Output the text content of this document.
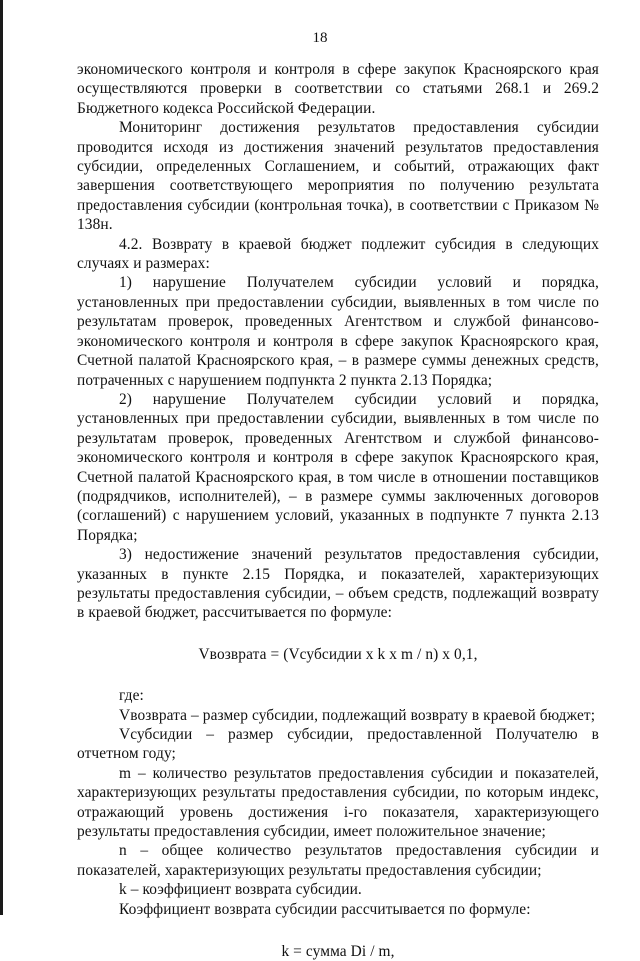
18

экономического контроля и контроля в сфере закупок Красноярского края осуществляются проверки в соответствии со статьями 268.1 и 269.2 Бюджетного кодекса Российской Федерации.

Мониторинг достижения результатов предоставления субсидии проводится исходя из достижения значений результатов предоставления субсидии, определенных Соглашением, и событий, отражающих факт завершения соответствующего мероприятия по получению результата предоставления субсидии (контрольная точка), в соответствии с Приказом № 138н.

4.2. Возврату в краевой бюджет подлежит субсидия в следующих случаях и размерах:

1) нарушение Получателем субсидии условий и порядка, установленных при предоставлении субсидии, выявленных в том числе по результатам проверок, проведенных Агентством и службой финансово-экономического контроля и контроля в сфере закупок Красноярского края, Счетной палатой Красноярского края, – в размере суммы денежных средств, потраченных с нарушением подпункта 2 пункта 2.13 Порядка;

2) нарушение Получателем субсидии условий и порядка, установленных при предоставлении субсидии, выявленных в том числе по результатам проверок, проведенных Агентством и службой финансово-экономического контроля и контроля в сфере закупок Красноярского края, Счетной палатой Красноярского края, в том числе в отношении поставщиков (подрядчиков, исполнителей), – в размере суммы заключенных договоров (соглашений) с нарушением условий, указанных в подпункте 7 пункта 2.13 Порядка;

3) недостижение значений результатов предоставления субсидии, указанных в пункте 2.15 Порядка, и показателей, характеризующих результаты предоставления субсидии, – объем средств, подлежащий возврату в краевой бюджет, рассчитывается по формуле:

Vвозврата = (Vсубсидии x k x m / n) x 0,1,

где:

Vвозврата – размер субсидии, подлежащий возврату в краевой бюджет;

Vсубсидии – размер субсидии, предоставленной Получателю в отчетном году;

m – количество результатов предоставления субсидии и показателей, характеризующих результаты предоставления субсидии, по которым индекс, отражающий уровень достижения i-го показателя, характеризующего результаты предоставления субсидии, имеет положительное значение;

n – общее количество результатов предоставления субсидии и показателей, характеризующих результаты предоставления субсидии;

k – коэффициент возврата субсидии.

Коэффициент возврата субсидии рассчитывается по формуле:

k = сумма Di / m,
